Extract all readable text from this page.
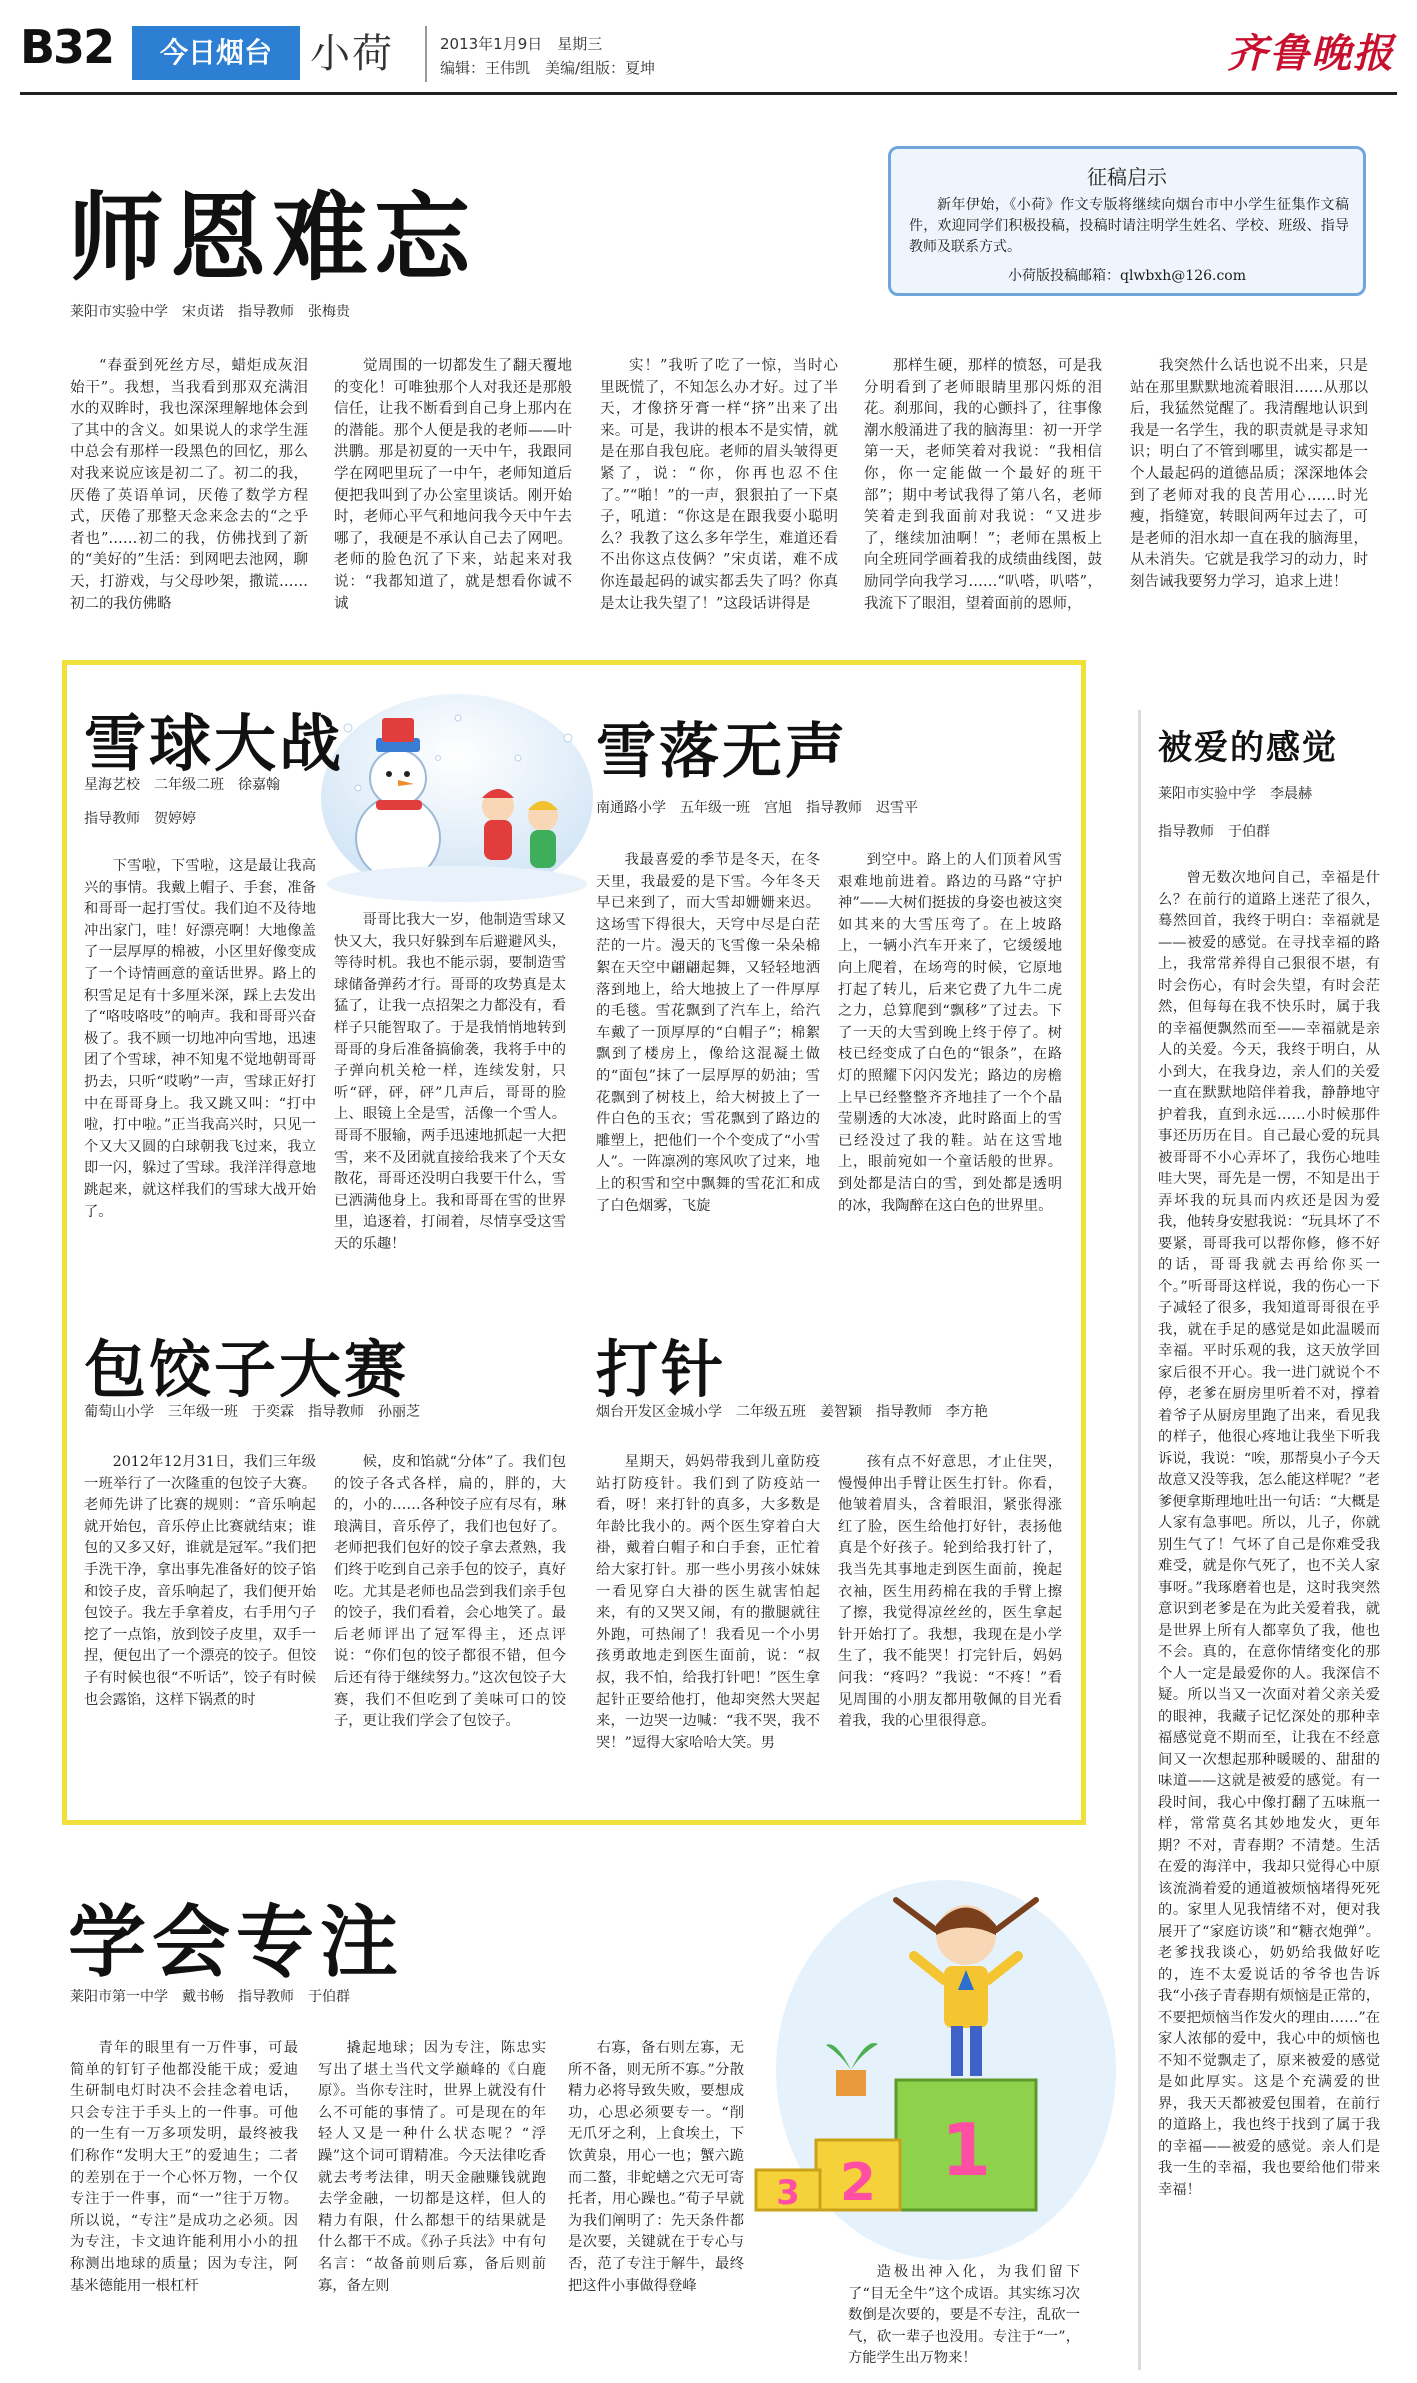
B32	今日烟台 小荷	2013年1月9日　星期三
编辑：王伟凯　美编/组版：夏坤	齐鲁晚报
师恩难忘
莱阳市实验中学 宋贞诺 指导教师 张梅贵
“春蚕到死丝方尽，蜡炬成灰泪始干”。我想，当我看到那双充满泪水的双眸时，我也深深理解地体会到了其中的含义。如果说人的求学生涯中总会有那样一段黑色的回忆，那么对我来说应该是初二了。初二的我，厌倦了英语单词，厌倦了数学方程式，厌倦了那整天念来念去的“之乎者也”……初二的我，仿佛找到了新的“美好的”生活：到网吧去池网，聊天，打游戏，与父母吵架，撒谎……初二的我仿佛略
觉周围的一切都发生了翻天覆地的变化！可唯独那个人对我还是那般信任，让我不断看到自己身上那内在的潜能。那个人便是我的老师——叶洪鹏。那是初夏的一天中午，我跟同学在网吧里玩了一中午，老师知道后便把我叫到了办公室里谈话。刚开始时，老师心平气和地问我今天中午去哪了，我硬是不承认自己去了网吧。老师的脸色沉了下来，站起来对我说：“我都知道了，就是想看你诚不诚
实！”我听了吃了一惊，当时心里既慌了，不知怎么办才好。过了半天，才像挤牙膏一样“挤”出来了出来。可是，我讲的根本不是实情，就是在那自我包庇。老师的眉头皱得更紧了，说：“你，你再也忍不住了。”“啪！”的一声，狠狠拍了一下桌子，吼道：“你这是在跟我耍小聪明么？我教了这么多年学生，难道还看不出你这点伎俩？”宋贞诺，难不成你连最起码的诚实都丢失了吗？你真是太让我失望了！”这段话讲得是
那样生硬，那样的愤怒，可是我分明看到了老师眼睛里那闪烁的泪花。刹那间，我的心颤抖了，往事像潮水般涌进了我的脑海里：初一开学第一天，老师笑着对我说：“我相信你，你一定能做一个最好的班干部”；期中考试我得了第八名，老师笑着走到我面前对我说：“又进步了，继续加油啊！”；老师在黑板上向全班同学画着我的成绩曲线图，鼓励同学向我学习……“叭嗒，叭嗒”，我流下了眼泪，望着面前的恩师，
我突然什么话也说不出来，只是站在那里默默地流着眼泪……从那以后，我猛然觉醒了。我清醒地认识到我是一名学生，我的职责就是寻求知识；明白了不管到哪里，诚实都是一个人最起码的道德品质；深深地体会到了老师对我的良苦用心……时光瘦，指缝宽，转眼间两年过去了，可是老师的泪水却一直在我的脑海里，从未消失。它就是我学习的动力，时刻告诫我要努力学习，追求上进！
征稿启示
新年伊始，《小荷》作文专版将继续向烟台市中小学生征集作文稿件，欢迎同学们积极投稿，投稿时请注明学生姓名、学校、班级、指导教师及联系方式。
小荷版投稿邮箱：qlwbxh@126.com
雪球大战
星海艺校 二年级二班 徐嘉翰
指导教师 贺婷婷
下雪啦，下雪啦，这是最让我高兴的事情。我戴上帽子、手套，准备和哥哥一起打雪仗。我们迫不及待地冲出家门，哇！好漂亮啊！大地像盖了一层厚厚的棉被，小区里好像变成了一个诗情画意的童话世界。路上的积雪足足有十多厘米深，踩上去发出了“咯吱咯吱”的响声。我和哥哥兴奋极了。我不顾一切地冲向雪地，迅速团了个雪球，神不知鬼不觉地朝哥哥扔去，只听“哎哟”一声，雪球正好打中在哥哥身上。我又跳又叫：“打中啦，打中啦。”正当我高兴时，只见一个又大又圆的白球朝我飞过来，我立即一闪，躲过了雪球。我洋洋得意地跳起来，就这样我们的雪球大战开始了。
哥哥比我大一岁，他制造雪球又快又大，我只好躲到车后避避风头，等待时机。我也不能示弱，要制造雪球储备弹药才行。哥哥的攻势真是太猛了，让我一点招架之力都没有，看样子只能智取了。于是我悄悄地转到哥哥的身后准备搞偷袭，我将手中的子弹向机关枪一样，连续发射，只听“砰，砰，砰”几声后，哥哥的脸上、眼镜上全是雪，活像一个雪人。哥哥不服输，两手迅速地抓起一大把雪，来不及团就直接给我来了个天女散花，哥哥还没明白我要干什么，雪已洒满他身上。我和哥哥在雪的世界里，追逐着，打闹着，尽情享受这雪天的乐趣！
雪落无声
南通路小学 五年级一班 宫旭 指导教师 迟雪平
我最喜爱的季节是冬天，在冬天里，我最爱的是下雪。今年冬天早已来到了，而大雪却姗姗来迟。这场雪下得很大，天穹中尽是白茫茫的一片。漫天的飞雪像一朵朵棉絮在天空中翩翩起舞，又轻轻地洒落到地上，给大地披上了一件厚厚的毛毯。雪花飘到了汽车上，给汽车戴了一顶厚厚的“白帽子”；棉絮飘到了楼房上，像给这混凝土做的“面包”抹了一层厚厚的奶油；雪花飘到了树枝上，给大树披上了一件白色的玉衣；雪花飘到了路边的雕塑上，把他们一个个变成了“小雪人”。一阵凛冽的寒风吹了过来，地上的积雪和空中飘舞的雪花汇和成了白色烟雾，飞旋
到空中。路上的人们顶着风雪艰难地前进着。路边的马路“守护神”——大树们挺拔的身姿也被这突如其来的大雪压弯了。在上坡路上，一辆小汽车开来了，它缓缓地向上爬着，在场弯的时候，它原地打起了转儿，后来它费了九牛二虎之力，总算爬到“飘移”了过去。下了一天的大雪到晚上终于停了。树枝已经变成了白色的“银条”，在路灯的照耀下闪闪发光；路边的房檐上早已经整整齐齐地挂了一个个晶莹剔透的大冰凌，此时路面上的雪已经没过了我的鞋。站在这雪地上，眼前宛如一个童话般的世界。到处都是洁白的雪，到处都是透明的冰，我陶醉在这白色的世界里。
包饺子大赛
葡萄山小学 三年级一班 于奕霖 指导教师 孙丽芝
2012年12月31日，我们三年级一班举行了一次隆重的包饺子大赛。老师先讲了比赛的规则：“音乐响起就开始包，音乐停止比赛就结束；谁包的又多又好，谁就是冠军。”我们把手洗干净，拿出事先准备好的饺子馅和饺子皮，音乐响起了，我们便开始包饺子。我左手拿着皮，右手用勺子挖了一点馅，放到饺子皮里，双手一捏，便包出了一个漂亮的饺子。但饺子有时候也很“不听话”，饺子有时候也会露馅，这样下锅煮的时
候，皮和馅就“分体”了。我们包的饺子各式各样，扁的，胖的，大的，小的……各种饺子应有尽有，琳琅满目，音乐停了，我们也包好了。老师把我们包好的饺子拿去煮熟，我们终于吃到自己亲手包的饺子，真好吃。尤其是老师也品尝到我们亲手包的饺子，我们看着，会心地笑了。最后老师评出了冠军得主，还点评说：“你们包的饺子都很不错，但今后还有待于继续努力。”这次包饺子大赛，我们不但吃到了美味可口的饺子，更让我们学会了包饺子。
打针
烟台开发区金城小学 二年级五班 姜智颖 指导教师 李方艳
星期天，妈妈带我到儿童防疫站打防疫针。我们到了防疫站一看，呀！来打针的真多，大多数是年龄比我小的。两个医生穿着白大褂，戴着白帽子和白手套，正忙着给大家打针。那一些小男孩小妹妹一看见穿白大褂的医生就害怕起来，有的又哭又闹，有的撒腿就往外跑，可热闹了！我看见一个小男孩勇敢地走到医生面前，说：“叔叔，我不怕，给我打针吧！”医生拿起针正要给他打，他却突然大哭起来，一边哭一边喊：“我不哭，我不哭！”逗得大家哈哈大笑。男
孩有点不好意思，才止住哭，慢慢伸出手臂让医生打针。你看，他皱着眉头，含着眼泪，紧张得涨红了脸，医生给他打好针，表扬他真是个好孩子。轮到给我打针了，我当先其事地走到医生面前，挽起衣袖，医生用药棉在我的手臂上擦了擦，我觉得凉丝丝的，医生拿起针开始打了。我想，我现在是小学生了，我不能哭！打完针后，妈妈问我：“疼吗？”我说：“不疼！”看见周围的小朋友都用敬佩的目光看着我，我的心里很得意。
被爱的感觉
莱阳市实验中学 李晨赫
指导教师 于伯群
曾无数次地问自己，幸福是什么？在前行的道路上迷茫了很久，蓦然回首，我终于明白：幸福就是——被爱的感觉。在寻找幸福的路上，我常常养得自己狠很不堪，有时会伤心，有时会失望，有时会茫然，但每每在我不快乐时，属于我的幸福便飘然而至——幸福就是亲人的关爱。今天，我终于明白，从小到大，在我身边，亲人们的关爱一直在默默地陪伴着我，静静地守护着我，直到永远……小时候那件事还历历在目。自己最心爱的玩具被哥哥不小心弄坏了，我伤心地哇哇大哭，哥先是一愣，不知是出于弄坏我的玩具而内疚还是因为爱我，他转身安慰我说：“玩具坏了不要紧，哥哥我可以帮你修，修不好的话，哥哥我就去再给你买一个。”听哥哥这样说，我的伤心一下子减轻了很多，我知道哥哥很在乎我，就在手足的感觉是如此温暖而幸福。平时乐观的我，这天放学回家后很不开心。我一进门就说个不停，老爹在厨房里听着不对，撑着着爷子从厨房里跑了出来，看见我的样子，他很心疼地让我坐下听我诉说，我说：“唉，那帮臭小子今天故意又没等我，怎么能这样呢？”老爹便拿斯理地吐出一句话：“大概是人家有急事吧。所以，儿子，你就别生气了！气坏了自己是你难受我难受，就是你气死了，也不关人家事呀。”我琢磨着也是，这时我突然意识到老爹是在为此关爱着我，就是世界上所有人都辜负了我，他也不会。真的，在意你情绪变化的那个人一定是最爱你的人。我深信不疑。所以当又一次面对着父亲关爱的眼神，我藏子记忆深处的那种幸福感觉竟不期而至，让我在不经意间又一次想起那种暖暖的、甜甜的味道——这就是被爱的感觉。有一段时间，我心中像打翻了五味瓶一样，常常莫名其妙地发火，更年期？不对，青春期？不清楚。生活在爱的海洋中，我却只觉得心中原该流淌着爱的通道被烦恼堵得死死的。家里人见我情绪不对，便对我展开了“家庭访谈”和“糖衣炮弹”。老爹找我谈心，奶奶给我做好吃的，连不太爱说话的爷爷也告诉我“小孩子青春期有烦恼是正常的，不要把烦恼当作发火的理由……”在家人浓郁的爱中，我心中的烦恼也不知不觉飘走了，原来被爱的感觉是如此厚实。这是个充满爱的世界，我天天都被爱包围着，在前行的道路上，我也终于找到了属于我的幸福——被爱的感觉。亲人们是我一生的幸福，我也要给他们带来幸福！
学会专注
莱阳市第一中学 戴书畅 指导教师 于伯群
青年的眼里有一万件事，可最简单的钉钉子他都没能干成；爱迪生研制电灯时决不会挂念着电话，只会专注于手头上的一件事。可他的一生有一万多项发明，最终被我们称作“发明大王”的爱迪生；二者的差别在于一个心怀万物，一个仅专注于一件事，而“一”往于万物。所以说，“专注”是成功之必须。因为专注，卡文迪许能利用小小的扭称测出地球的质量；因为专注，阿基米德能用一根杠杆
撬起地球；因为专注，陈忠实写出了堪土当代文学巅峰的《白鹿原》。当你专注时，世界上就没有什么不可能的事情了。可是现在的年轻人又是一种什么状态呢？“浮躁”这个词可谓精准。今天法律吃香就去考考法律，明天金融赚钱就跑去学金融，一切都是这样，但人的精力有限，什么都想干的结果就是什么都干不成。《孙子兵法》中有句名言：“故备前则后寡，备后则前寡，备左则
右寡，备右则左寡，无所不备，则无所不寡。”分散精力必将导致失败，要想成功，心思必须要专一。“削无爪牙之利，上食埃土，下饮黄泉，用心一也；蟹六跪而二螯，非蛇蟮之穴无可寄托者，用心躁也。”荀子早就为我们阐明了：先天条件都是次要，关键就在于专心与否，范了专注于解牛，最终把这件小事做得登峰
造极出神入化，为我们留下了“目无全牛”这个成语。其实练习次数倒是次要的，要是不专注，乱砍一气，砍一辈子也没用。专注于“一”，方能学生出万物来！
1
2
3
